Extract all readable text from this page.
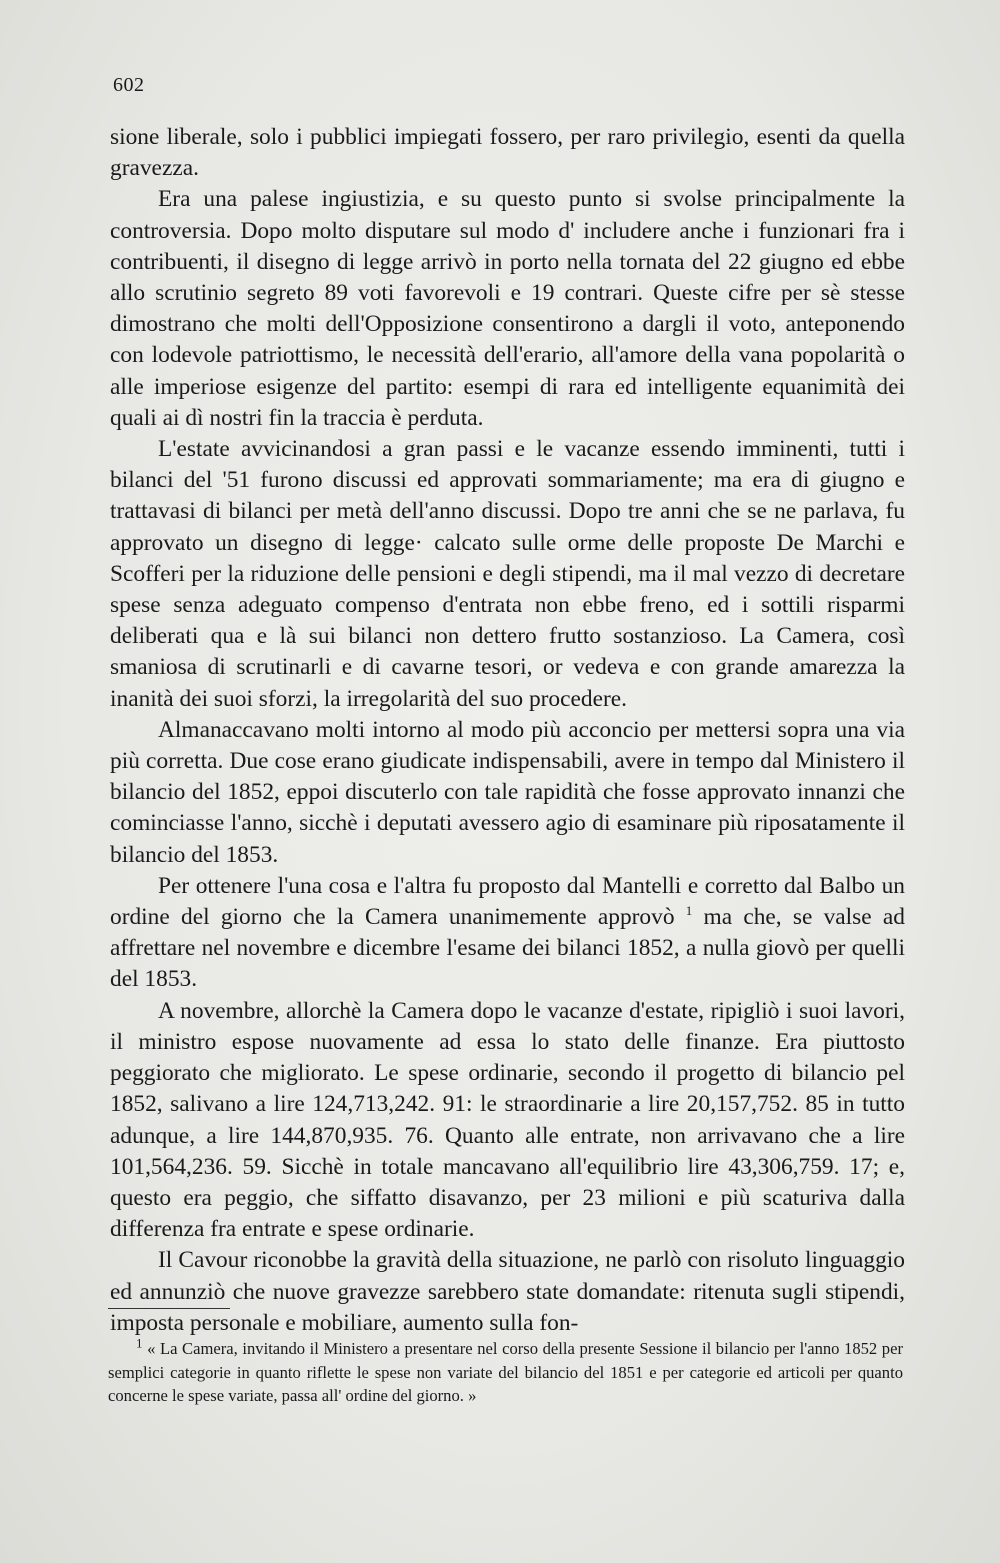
602

sione liberale, solo i pubblici impiegati fossero, per raro privilegio, esenti da quella gravezza.

Era una palese ingiustizia, e su questo punto si svolse principalmente la controversia. Dopo molto disputare sul modo d' includere anche i funzionari fra i contribuenti, il disegno di legge arrivò in porto nella tornata del 22 giugno ed ebbe allo scrutinio segreto 89 voti favorevoli e 19 contrari. Queste cifre per sè stesse dimostrano che molti dell'Opposizione consentirono a dargli il voto, anteponendo con lodevole patriottismo, le necessità dell'erario, all'amore della vana popolarità o alle imperiose esigenze del partito: esempi di rara ed intelligente equanimità dei quali ai dì nostri fin la traccia è perduta.

L'estate avvicinandosi a gran passi e le vacanze essendo imminenti, tutti i bilanci del '51 furono discussi ed approvati sommariamente; ma era di giugno e trattavasi di bilanci per metà dell'anno discussi. Dopo tre anni che se ne parlava, fu approvato un disegno di legge· calcato sulle orme delle proposte De Marchi e Scofferi per la riduzione delle pensioni e degli stipendi, ma il mal vezzo di decretare spese senza adeguato compenso d'entrata non ebbe freno, ed i sottili risparmi deliberati qua e là sui bilanci non dettero frutto sostanzioso. La Camera, così smaniosa di scrutinarli e di cavarne tesori, or vedeva e con grande amarezza la inanità dei suoi sforzi, la irregolarità del suo procedere.

Almanaccavano molti intorno al modo più acconcio per mettersi sopra una via più corretta. Due cose erano giudicate indispensabili, avere in tempo dal Ministero il bilancio del 1852, eppoi discuterlo con tale rapidità che fosse approvato innanzi che cominciasse l'anno, sicchè i deputati avessero agio di esaminare più riposatamente il bilancio del 1853.

Per ottenere l'una cosa e l'altra fu proposto dal Mantelli e corretto dal Balbo un ordine del giorno che la Camera unanimemente approvò $^1$ ma che, se valse ad affrettare nel novembre e dicembre l'esame dei bilanci 1852, a nulla giovò per quelli del 1853.

A novembre, allorchè la Camera dopo le vacanze d'estate, ripigliò i suoi lavori, il ministro espose nuovamente ad essa lo stato delle finanze. Era piuttosto peggiorato che migliorato. Le spese ordinarie, secondo il progetto di bilancio pel 1852, salivano a lire 124,713,242. 91: le straordinarie a lire 20,157,752. 85 in tutto adunque, a lire 144,870,935. 76. Quanto alle entrate, non arrivavano che a lire 101,564,236. 59. Sicchè in totale mancavano all'equilibrio lire 43,306,759. 17; e, questo era peggio, che siffatto disavanzo, per 23 milioni e più scaturiva dalla differenza fra entrate e spese ordinarie.

Il Cavour riconobbe la gravità della situazione, ne parlò con risoluto linguaggio ed annunziò che nuove gravezze sarebbero state domandate: ritenuta sugli stipendi, imposta personale e mobiliare, aumento sulla fon-

$^1$ « La Camera, invitando il Ministero a presentare nel corso della presente Sessione il bilancio per l'anno 1852 per semplici categorie in quanto riflette le spese non variate del bilancio del 1851 e per categorie ed articoli per quanto concerne le spese variate, passa all' ordine del giorno. »
